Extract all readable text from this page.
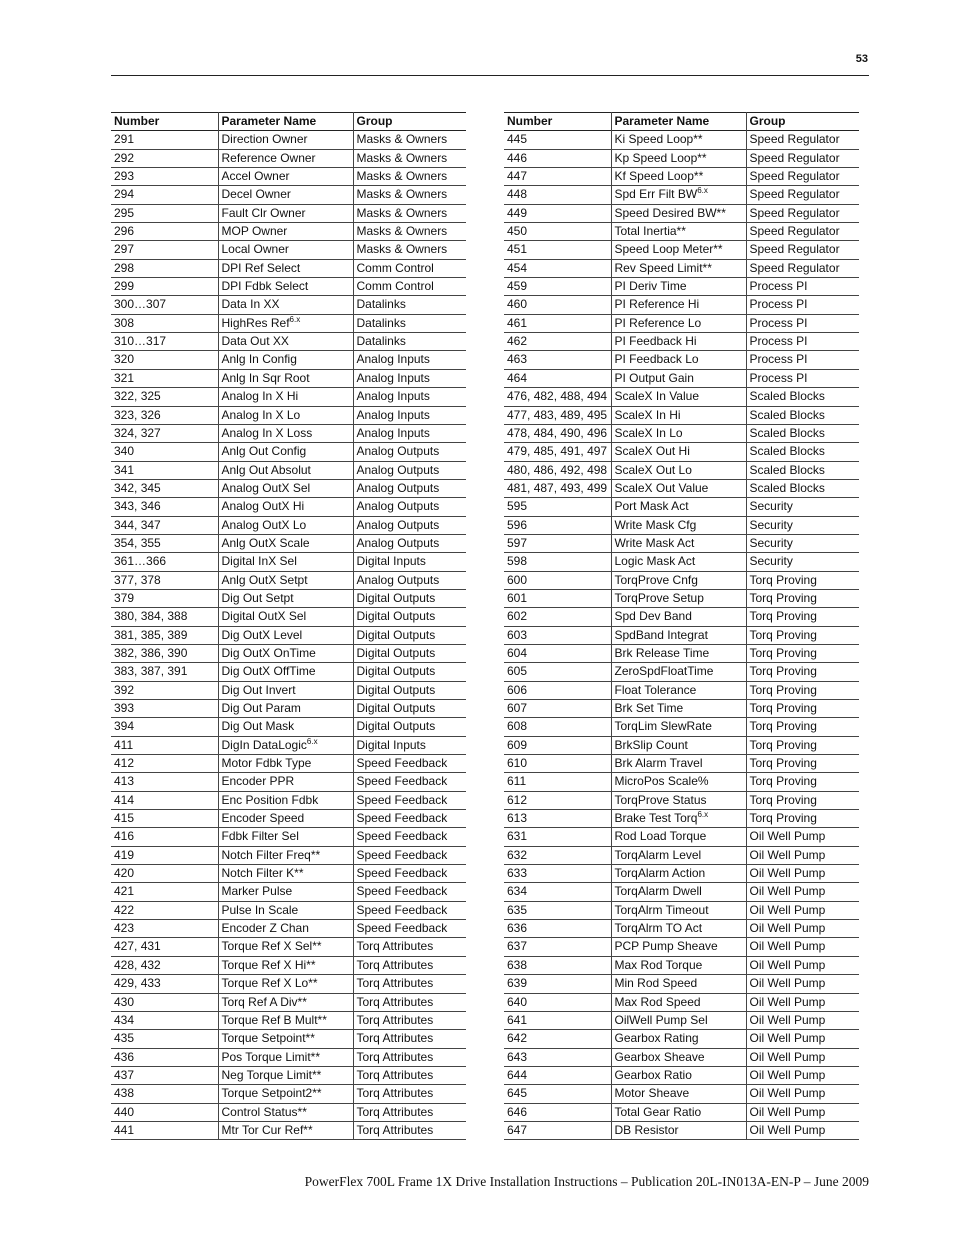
53
Number	Parameter Name	Group
291	Direction Owner	Masks & Owners
292	Reference Owner	Masks & Owners
293	Accel Owner	Masks & Owners
294	Decel Owner	Masks & Owners
295	Fault Clr Owner	Masks & Owners
296	MOP Owner	Masks & Owners
297	Local Owner	Masks & Owners
298	DPI Ref Select	Comm Control
299	DPI Fdbk Select	Comm Control
300…307	Data In XX	Datalinks
308	HighRes Ref$^{6.x}$	Datalinks
310…317	Data Out XX	Datalinks
320	Anlg In Config	Analog Inputs
321	Anlg In Sqr Root	Analog Inputs
322, 325	Analog In X Hi	Analog Inputs
323, 326	Analog In X Lo	Analog Inputs
324, 327	Analog In X Loss	Analog Inputs
340	Anlg Out Config	Analog Outputs
341	Anlg Out Absolut	Analog Outputs
342, 345	Analog OutX Sel	Analog Outputs
343, 346	Analog OutX Hi	Analog Outputs
344, 347	Analog OutX Lo	Analog Outputs
354, 355	Anlg OutX Scale	Analog Outputs
361…366	Digital InX Sel	Digital Inputs
377, 378	Anlg OutX Setpt	Analog Outputs
379	Dig Out Setpt	Digital Outputs
380, 384, 388	Digital OutX Sel	Digital Outputs
381, 385, 389	Dig OutX Level	Digital Outputs
382, 386, 390	Dig OutX OnTime	Digital Outputs
383, 387, 391	Dig OutX OffTime	Digital Outputs
392	Dig Out Invert	Digital Outputs
393	Dig Out Param	Digital Outputs
394	Dig Out Mask	Digital Outputs
411	DigIn DataLogic$^{6.x}$	Digital Inputs
412	Motor Fdbk Type	Speed Feedback
413	Encoder PPR	Speed Feedback
414	Enc Position Fdbk	Speed Feedback
415	Encoder Speed	Speed Feedback
416	Fdbk Filter Sel	Speed Feedback
419	Notch Filter Freq**	Speed Feedback
420	Notch Filter K**	Speed Feedback
421	Marker Pulse	Speed Feedback
422	Pulse In Scale	Speed Feedback
423	Encoder Z Chan	Speed Feedback
427, 431	Torque Ref X Sel**	Torq Attributes
428, 432	Torque Ref X Hi**	Torq Attributes
429, 433	Torque Ref X Lo**	Torq Attributes
430	Torq Ref A Div**	Torq Attributes
434	Torque Ref B Mult**	Torq Attributes
435	Torque Setpoint**	Torq Attributes
436	Pos Torque Limit**	Torq Attributes
437	Neg Torque Limit**	Torq Attributes
438	Torque Setpoint2**	Torq Attributes
440	Control Status**	Torq Attributes
441	Mtr Tor Cur Ref**	Torq Attributes
Number	Parameter Name	Group
445	Ki Speed Loop**	Speed Regulator
446	Kp Speed Loop**	Speed Regulator
447	Kf Speed Loop**	Speed Regulator
448	Spd Err Filt $BW^{6.x}$	Speed Regulator
449	Speed Desired BW**	Speed Regulator
450	Total Inertia**	Speed Regulator
451	Speed Loop Meter**	Speed Regulator
454	Rev Speed Limit**	Speed Regulator
459	PI Deriv Time	Process PI
460	PI Reference Hi	Process PI
461	PI Reference Lo	Process PI
462	PI Feedback Hi	Process PI
463	PI Feedback Lo	Process PI
464	PI Output Gain	Process PI
476, 482, 488, 494	ScaleX In Value	Scaled Blocks
477, 483, 489, 495	ScaleX In Hi	Scaled Blocks
478, 484, 490, 496	ScaleX In Lo	Scaled Blocks
479, 485, 491, 497	ScaleX Out Hi	Scaled Blocks
480, 486, 492, 498	ScaleX Out Lo	Scaled Blocks
481, 487, 493, 499	ScaleX Out Value	Scaled Blocks
595	Port Mask Act	Security
596	Write Mask Cfg	Security
597	Write Mask Act	Security
598	Logic Mask Act	Security
600	TorqProve Cnfg	Torq Proving
601	TorqProve Setup	Torq Proving
602	Spd Dev Band	Torq Proving
603	SpdBand Integrat	Torq Proving
604	Brk Release Time	Torq Proving
605	ZeroSpdFloatTime	Torq Proving
606	Float Tolerance	Torq Proving
607	Brk Set Time	Torq Proving
608	TorqLim SlewRate	Torq Proving
609	BrkSlip Count	Torq Proving
610	Brk Alarm Travel	Torq Proving
611	MicroPos Scale%	Torq Proving
612	TorqProve Status	Torq Proving
613	Brake Test Torq$^{6.x}$	Torq Proving
631	Rod Load Torque	Oil Well Pump
632	TorqAlarm Level	Oil Well Pump
633	TorqAlarm Action	Oil Well Pump
634	TorqAlarm Dwell	Oil Well Pump
635	TorqAlrm Timeout	Oil Well Pump
636	TorqAlrm TO Act	Oil Well Pump
637	PCP Pump Sheave	Oil Well Pump
638	Max Rod Torque	Oil Well Pump
639	Min Rod Speed	Oil Well Pump
640	Max Rod Speed	Oil Well Pump
641	OilWell Pump Sel	Oil Well Pump
642	Gearbox Rating	Oil Well Pump
643	Gearbox Sheave	Oil Well Pump
644	Gearbox Ratio	Oil Well Pump
645	Motor Sheave	Oil Well Pump
646	Total Gear Ratio	Oil Well Pump
647	DB Resistor	Oil Well Pump
PowerFlex 700L Frame 1X Drive Installation Instructions – Publication 20L-IN013A-EN-P – June 2009
